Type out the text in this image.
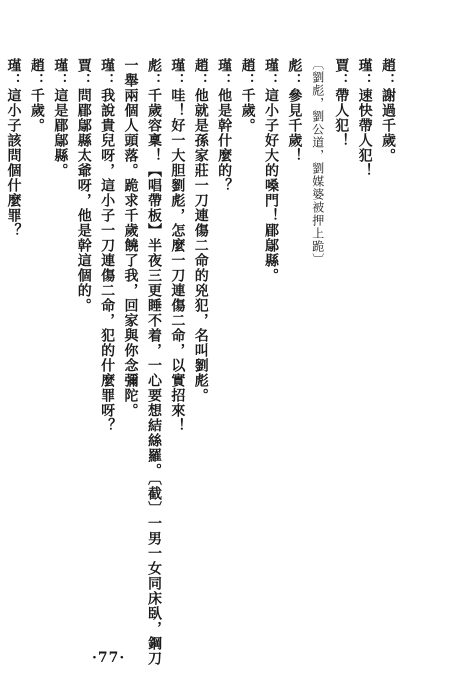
趙：謝過千歲。
瑾：速快帶人犯！
賈：帶人犯！
〔劉彪，劉公道，劉媒婆被押上跪〕
彪：參見千歲！
瑾：這小子好大的嗓門！郿鄔縣。
趙：千歲。
瑾：他是幹什麼的？
趙：他就是孫家莊一刀連傷二命的兇犯，名叫劉彪。
瑾：哇！好一大胆劉彪，怎麼一刀連傷二命，以實招來！
彪：千歲容稟！【唱帶板】半夜三更睡不着，一心要想結絲羅。〔截〕一男一女同床臥，鋼刀
一舉兩個人頭落。跪求千歲饒了我，回家與你念彌陀。
瑾：我說貴兒呀，這小子一刀連傷二命，犯的什麼罪呀？
賈：問郿鄔縣太爺呀，他是幹這個的。
瑾：這是郿鄔縣。
趙：千歲。
瑾：這小子該問個什麼罪？
·77·
